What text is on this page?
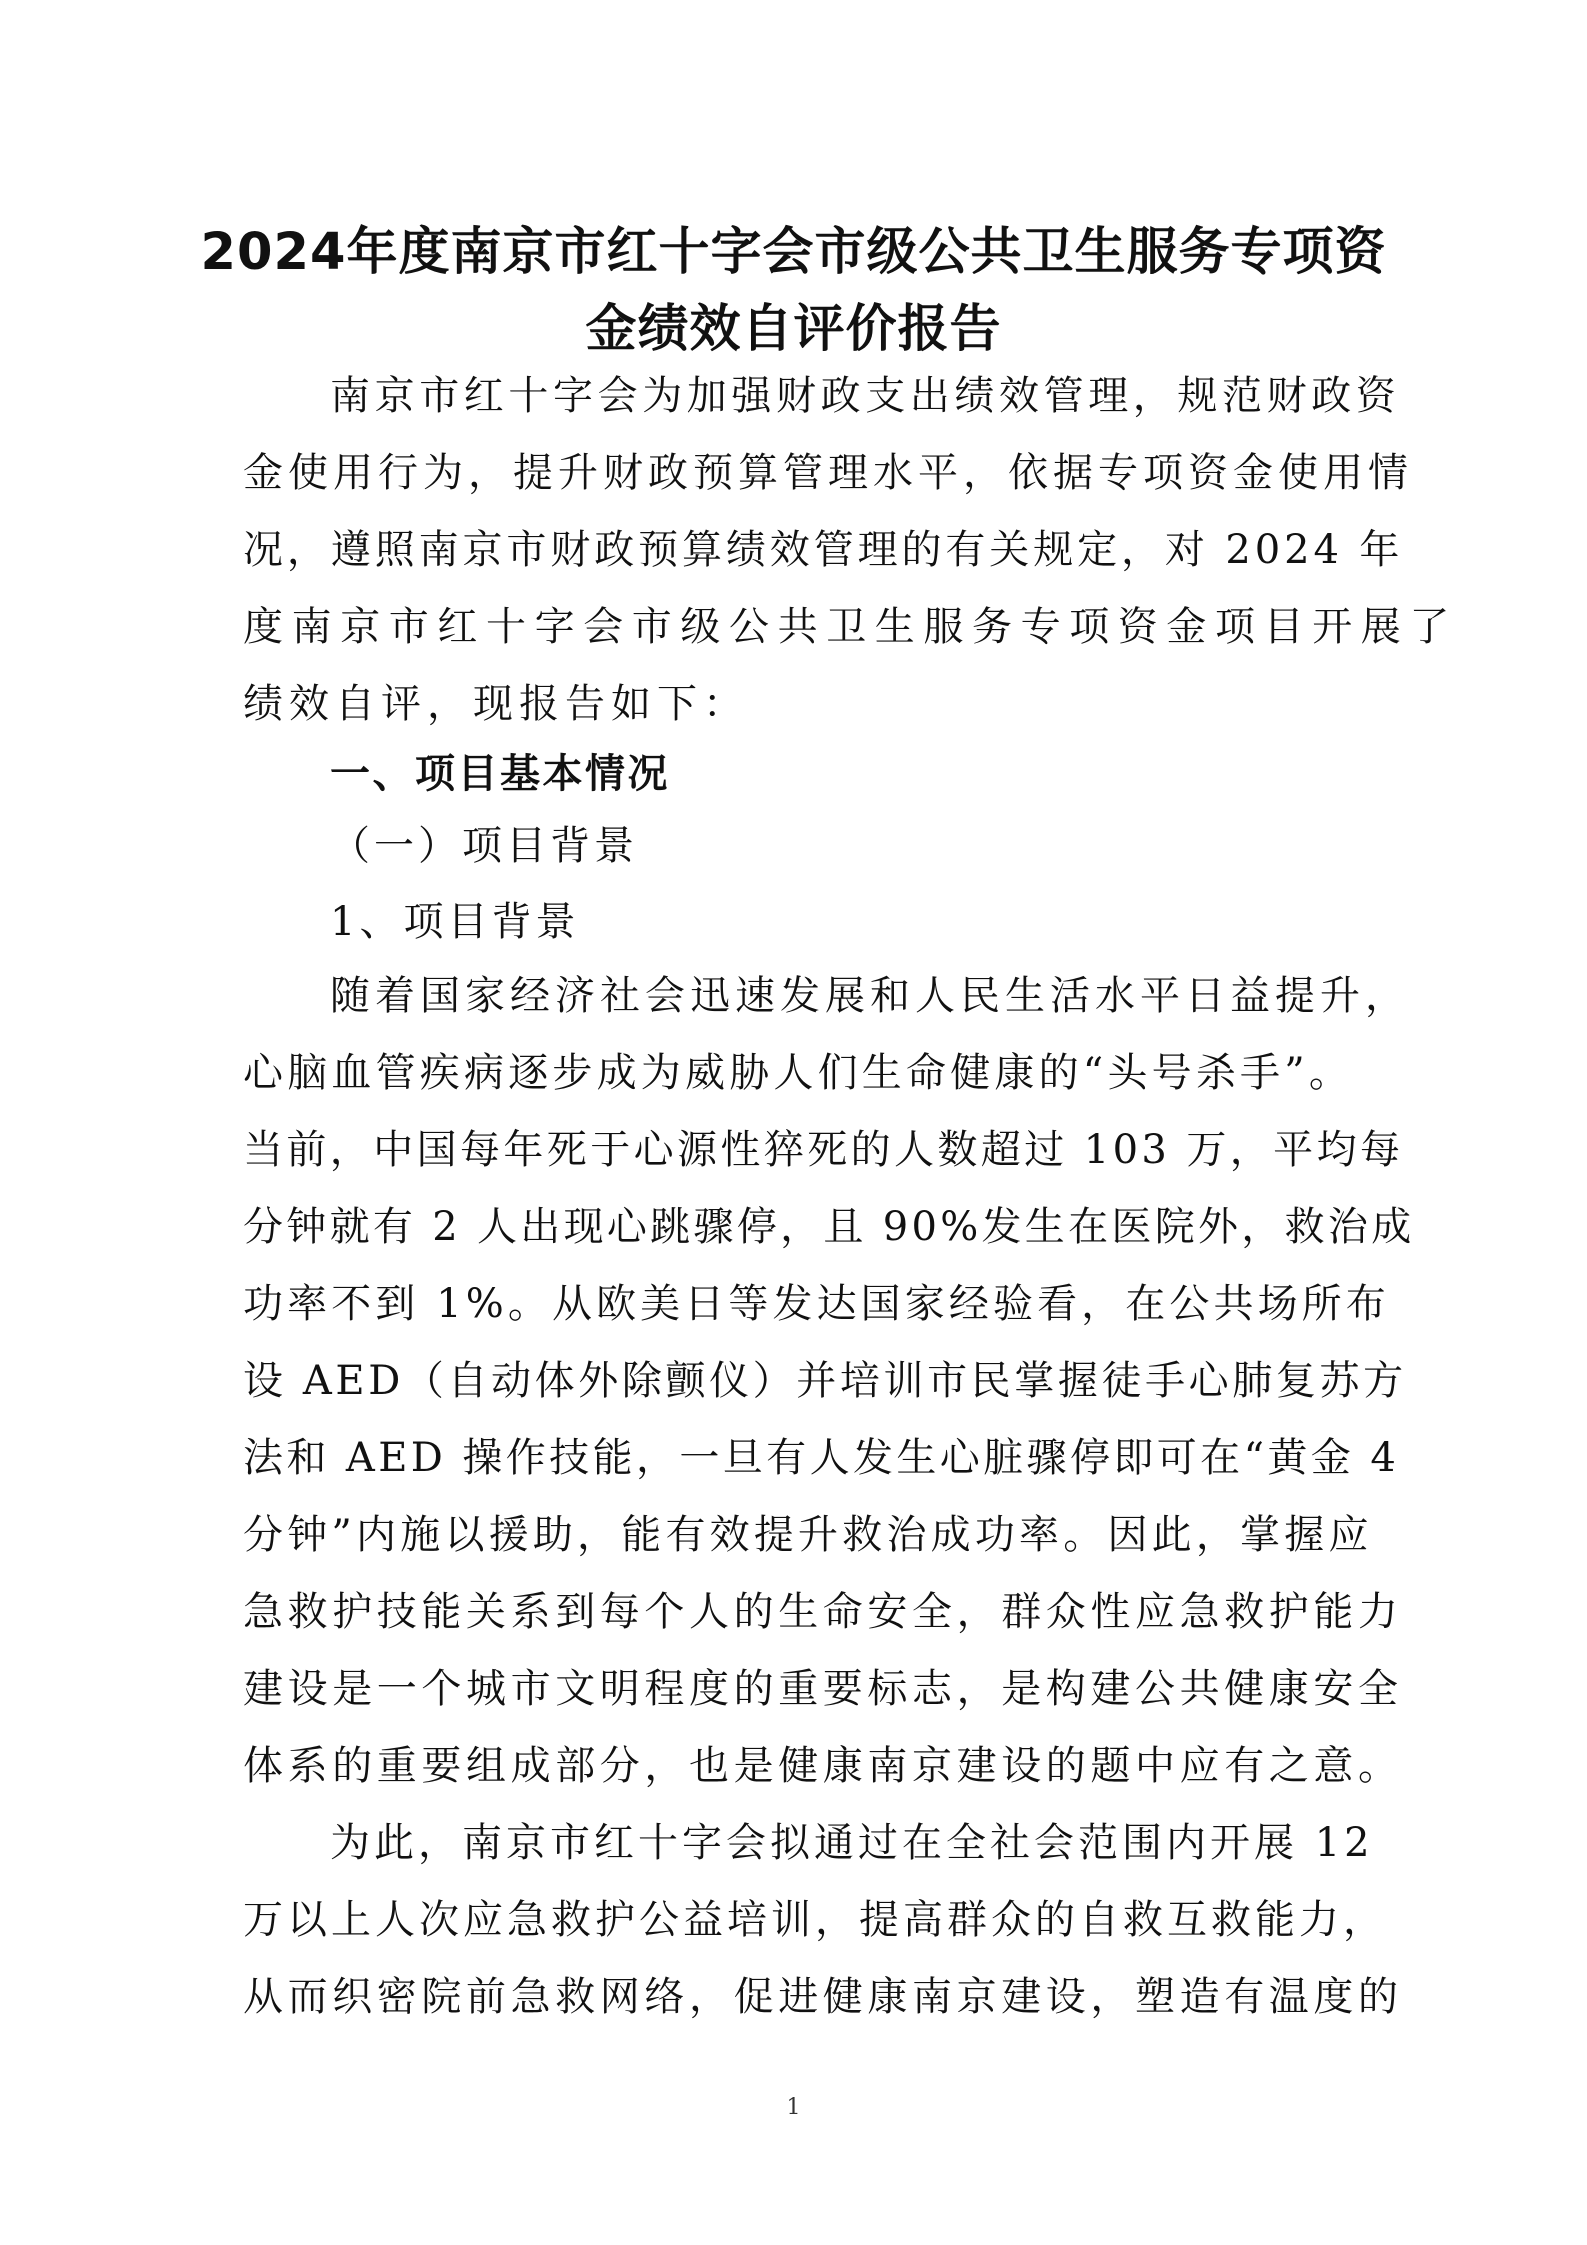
2024年度南京市红十字会市级公共卫生服务专项资
金绩效自评价报告
南京市红十字会为加强财政支出绩效管理，规范财政资
金使用行为，提升财政预算管理水平，依据专项资金使用情
况，遵照南京市财政预算绩效管理的有关规定，对 2024 年
度南京市红十字会市级公共卫生服务专项资金项目开展了
绩效自评，现报告如下：
一、项目基本情况
（一）项目背景
1、项目背景
随着国家经济社会迅速发展和人民生活水平日益提升，
心脑血管疾病逐步成为威胁人们生命健康的“头号杀手”。
当前，中国每年死于心源性猝死的人数超过 103 万，平均每
分钟就有 2 人出现心跳骤停，且 90%发生在医院外，救治成
功率不到 1%。从欧美日等发达国家经验看，在公共场所布
设 AED（自动体外除颤仪）并培训市民掌握徒手心肺复苏方
法和 AED 操作技能，一旦有人发生心脏骤停即可在“黄金 4
分钟”内施以援助，能有效提升救治成功率。因此，掌握应
急救护技能关系到每个人的生命安全，群众性应急救护能力
建设是一个城市文明程度的重要标志，是构建公共健康安全
体系的重要组成部分，也是健康南京建设的题中应有之意。
为此，南京市红十字会拟通过在全社会范围内开展 12
万以上人次应急救护公益培训，提高群众的自救互救能力，
从而织密院前急救网络，促进健康南京建设，塑造有温度的
1
